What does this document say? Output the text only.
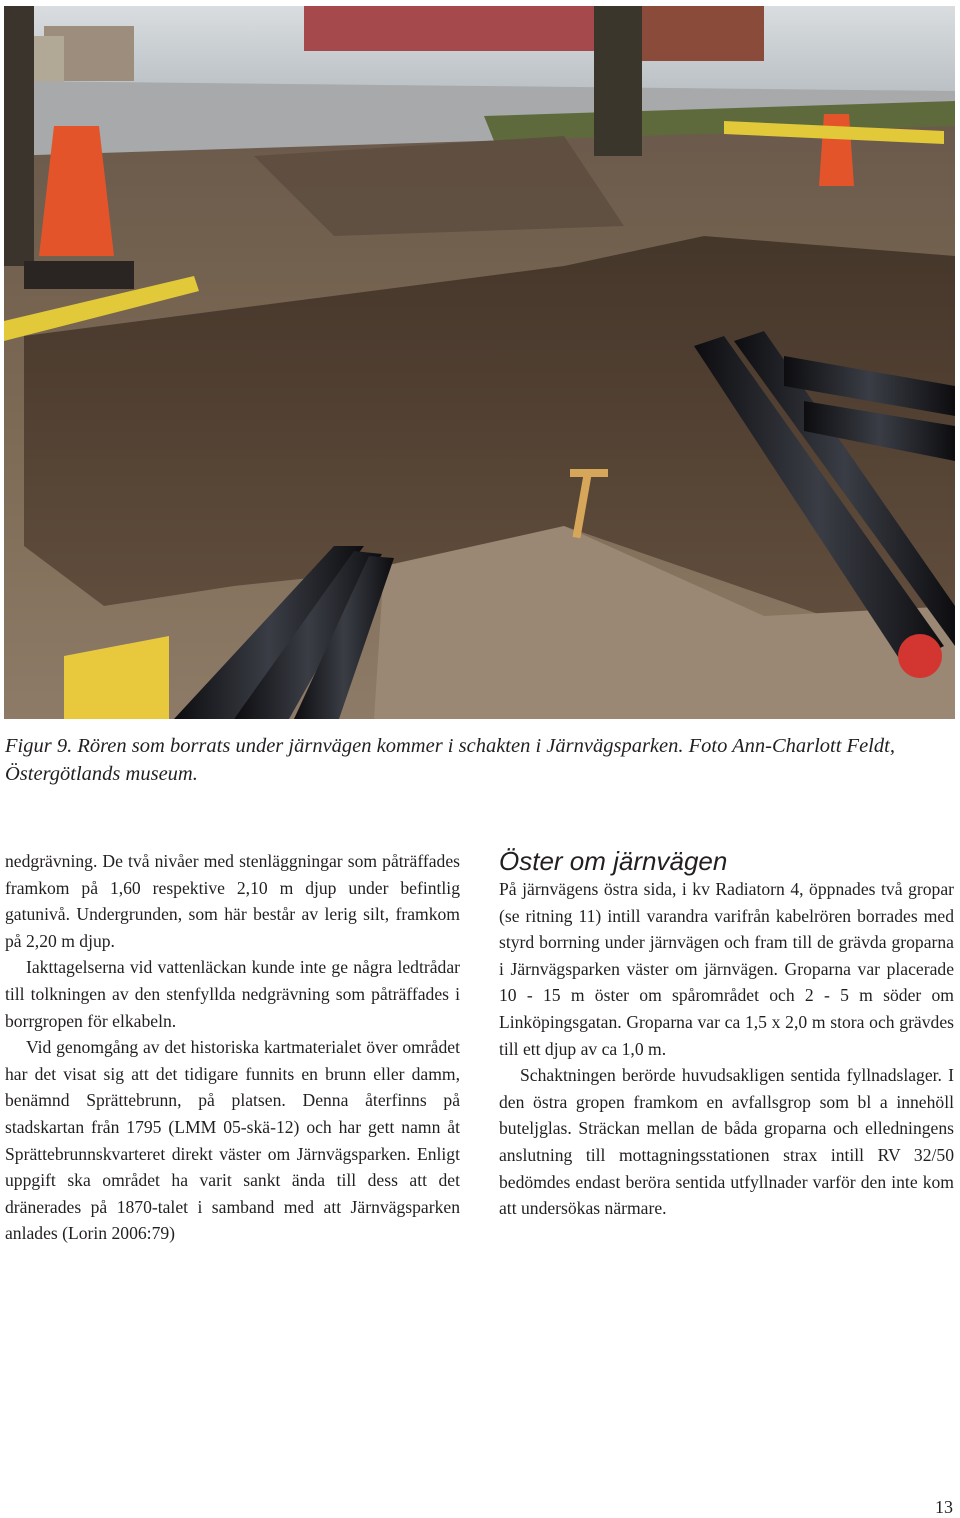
Figur 9. Rören som borrats under järnvägen kommer i schakten i Järnvägsparken. Foto Ann-Charlott Feldt, Östergötlands museum.

nedgrävning. De två nivåer med stenläggningar som påträffades framkom på 1,60 respektive 2,10 m djup under befintlig gatunivå. Undergrunden, som här består av lerig silt, framkom på 2,20 m djup.

Iakttagelserna vid vattenläckan kunde inte ge några ledtrådar till tolkningen av den stenfyllda nedgrävning som påträffades i borrgropen för elkabeln.

Vid genomgång av det historiska kartmaterialet över området har det visat sig att det tidigare funnits en brunn eller damm, benämnd Sprättebrunn, på platsen. Denna återfinns på stadskartan från 1795 (LMM 05-skä-12) och har gett namn åt Sprättebrunnskvarteret direkt väster om Järnvägsparken. Enligt uppgift ska området ha varit sankt ända till dess att det dränerades på 1870-talet i samband med att Järnvägsparken anlades (Lorin 2006:79)

Öster om järnvägen

På järnvägens östra sida, i kv Radiatorn 4, öppnades två gropar (se ritning 11) intill varandra varifrån kabelrören borrades med styrd borrning under järnvägen och fram till de grävda groparna i Järnvägsparken väster om järnvägen. Groparna var placerade 10 - 15 m öster om spårområdet och 2 - 5 m söder om Linköpingsgatan. Groparna var ca 1,5 x 2,0 m stora och grävdes till ett djup av ca 1,0 m.

Schaktningen berörde huvudsakligen sentida fyllnadslager. I den östra gropen framkom en avfallsgrop som bl a innehöll buteljglas. Sträckan mellan de båda groparna och elledningens anslutning till mottagningsstationen strax intill RV 32/50 bedömdes endast beröra sentida utfyllnader varför den inte kom att undersökas närmare.

13
